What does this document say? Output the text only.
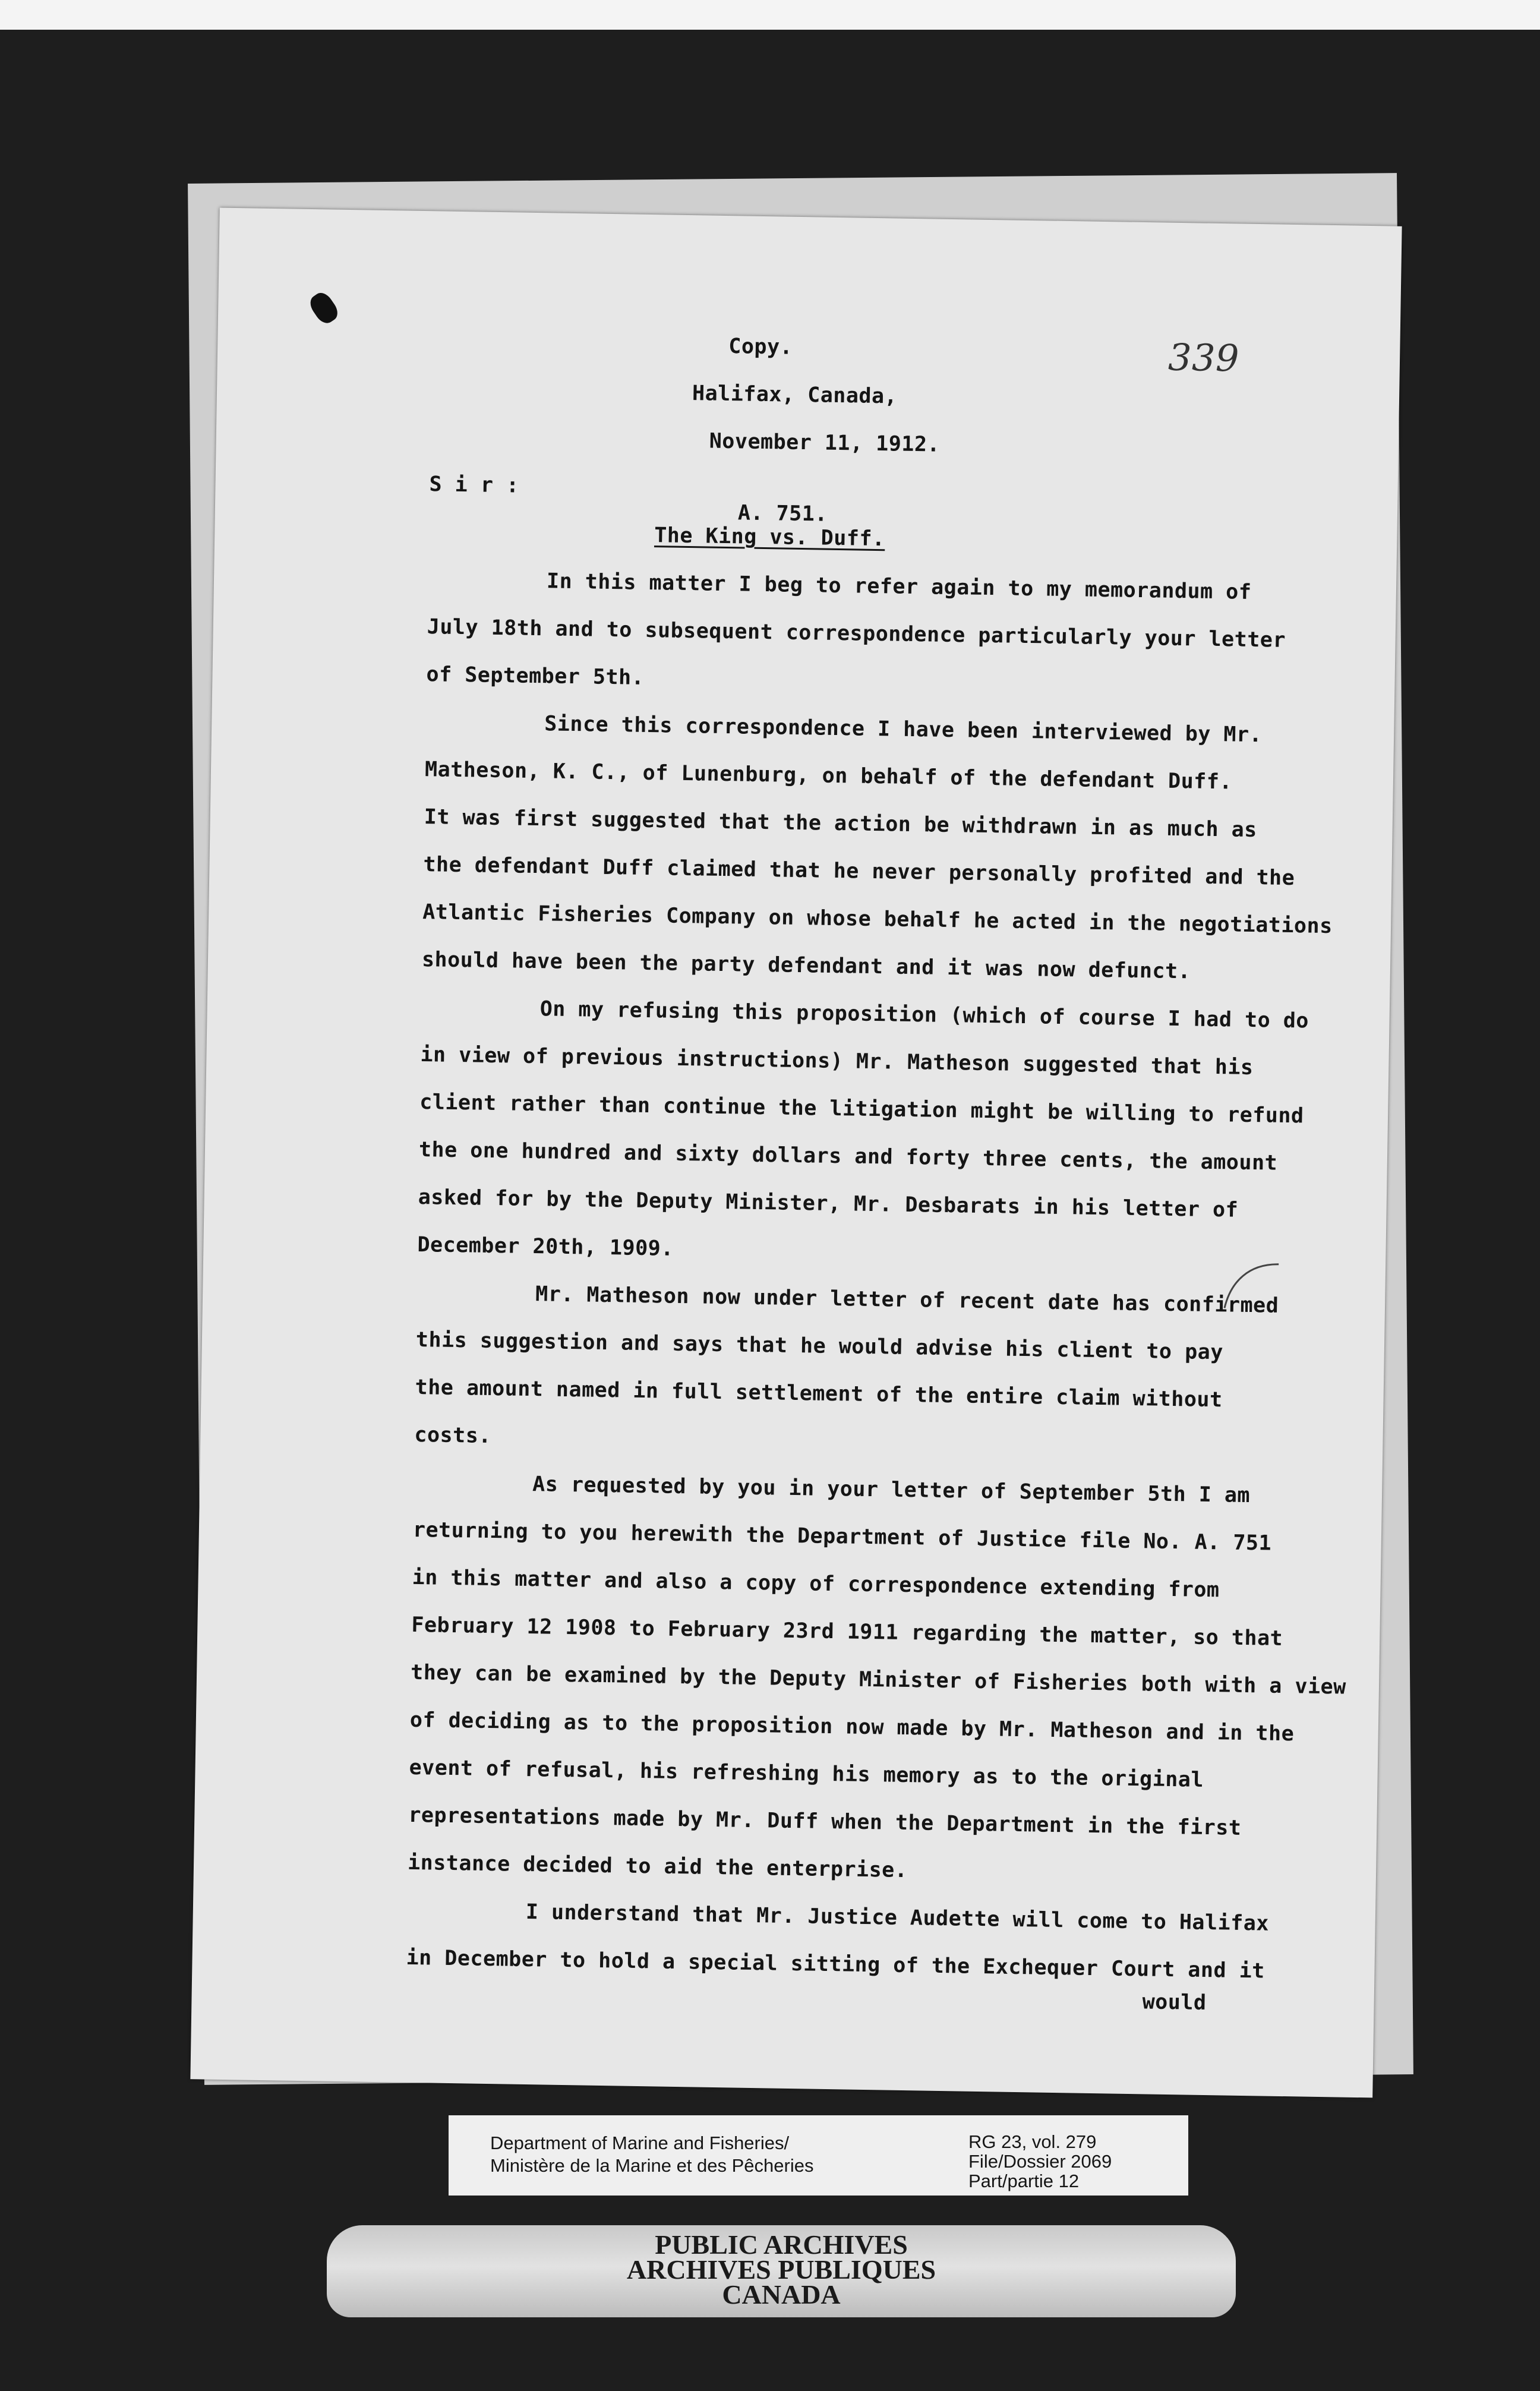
339
Copy.
Halifax, Canada,
November 11, 1912.
S i r :
A. 751.
The King vs. Duff.
In this matter I beg to refer again to my memorandum of
July 18th and to subsequent correspondence particularly your letter
of September 5th.
Since this correspondence I have been interviewed by Mr.
Matheson, K. C., of Lunenburg, on behalf of the defendant Duff.
It was first suggested that the action be withdrawn in as much as
the defendant Duff claimed that he never personally profited and the
Atlantic Fisheries Company on whose behalf he acted in the negotiations
should have been the party defendant and it was now defunct.
On my refusing this proposition (which of course I had to do
in view of previous instructions) Mr. Matheson suggested that his
client rather than continue the litigation might be willing to refund
the one hundred and sixty dollars and forty three cents, the amount
asked for by the Deputy Minister, Mr. Desbarats in his letter of
December 20th, 1909.
Mr. Matheson now under letter of recent date has confirmed
this suggestion and says that he would advise his client to pay
the amount named in full settlement of the entire claim without
costs.
As requested by you in your letter of September 5th I am
returning to you herewith the Department of Justice file No. A. 751
in this matter and also a copy of correspondence extending from
February 12 1908 to February 23rd 1911 regarding the matter, so that
they can be examined by the Deputy Minister of Fisheries both with a view
of deciding as to the proposition now made by Mr. Matheson and in the
event of refusal, his refreshing his memory as to the original
representations made by Mr. Duff when the Department in the first
instance decided to aid the enterprise.
I understand that Mr. Justice Audette will come to Halifax
in December to hold a special sitting of the Exchequer Court and it
would
Department of Marine and Fisheries/
Ministère de la Marine et des Pêcheries
RG 23, vol. 279
File/Dossier 2069
Part/partie 12
PUBLIC ARCHIVES
ARCHIVES PUBLIQUES
CANADA
